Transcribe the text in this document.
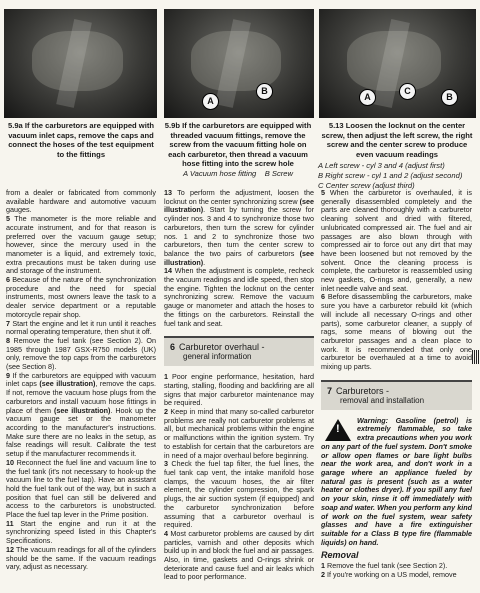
A
B
A
C
B
5.9a If the carburetors are equipped with vacuum inlet caps, remove the caps and connect the hoses of the test equipment to the fittings
5.9b If the carburetors are equipped with threaded vacuum fittings, remove the screw from the vacuum fitting hole on each carburetor, then thread a vacuum hose fitting into the screw hole
A Vacuum hose fitting B Screw
5.13 Loosen the locknut on the center screw, then adjust the left screw, the right screw and the center screw to produce even vacuum readings
A Left screw - cyl 3 and 4 (adjust first)
B Right screw - cyl 1 and 2 (adjust second)
C Center screw (adjust third)

from a dealer or fabricated from commonly available hardware and automotive vacuum gauges.

5 The manometer is the more reliable and accurate instrument, and for that reason is preferred over the vacuum gauge setup; however, since the mercury used in the manometer is a liquid, and extremely toxic, extra precautions must be taken during use and storage of the instrument.

6 Because of the nature of the synchronization procedure and the need for special instruments, most owners leave the task to a dealer service department or a reputable motorcycle repair shop.

7 Start the engine and let it run until it reaches normal operating temperature, then shut it off.

8 Remove the fuel tank (see Section 2). On 1985 through 1987 GSX-R750 models (UK) only, remove the top caps from the carburetors (see Section 8).

9 If the carburetors are equipped with vacuum inlet caps (see illustration), remove the caps. If not, remove the vacuum hose plugs from the carburetors and install vacuum hose fittings in place of them (see illustration). Hook up the vacuum gauge set or the manometer according to the manufacturer's instructions. Make sure there are no leaks in the setup, as false readings will result. Calibrate the test setup if the manufacturer recommends it.

10 Reconnect the fuel line and vacuum line to the fuel tank (it's not necessary to hook-up the vacuum line to the fuel tap). Have an assistant hold the fuel tank out of the way, but in such a position that fuel can still be delivered and access to the carburetors is unobstructed. Place the fuel tap lever in the Prime position.

11 Start the engine and run it at the synchronizing speed listed in this Chapter's Specifications.

12 The vacuum readings for all of the cylinders should be the same. If the vacuum readings vary, adjust as necessary.

13 To perform the adjustment, loosen the locknut on the center synchronizing screw (see illustration). Start by turning the screw for cylinder nos. 3 and 4 to synchronize those two carburetors, then turn the screw for cylinder nos. 1 and 2 to synchronize those two carburetors, then turn the center screw to balance the two pairs of carburetors (see illustration).

14 When the adjustment is complete, recheck the vacuum readings and idle speed, then stop the engine. Tighten the locknut on the center synchronizing screw. Remove the vacuum gauge or manometer and attach the hoses to the fittings on the carburetors. Reinstall the fuel tank and seat.

6 Carburetor overhaul -
general information

1 Poor engine performance, hesitation, hard starting, stalling, flooding and backfiring are all signs that major carburetor maintenance may be required.

2 Keep in mind that many so-called carburetor problems are really not carburetor problems at all, but mechanical problems within the engine or malfunctions within the ignition system. Try to establish for certain that the carburetors are in need of a major overhaul before beginning.

3 Check the fuel tap filter, the fuel lines, the fuel tank cap vent, the intake manifold hose clamps, the vacuum hoses, the air filter element, the cylinder compression, the spark plugs, the air suction system (if equipped) and the carburetor synchronization before assuming that a carburetor overhaul is required.

4 Most carburetor problems are caused by dirt particles, varnish and other deposits which build up in and block the fuel and air passages. Also, in time, gaskets and O-rings shrink or deteriorate and cause fuel and air leaks which lead to poor performance.

5 When the carburetor is overhauled, it is generally disassembled completely and the parts are cleaned thoroughly with a carburetor cleaning solvent and dried with filtered, unlubricated compressed air. The fuel and air passages are also blown through with compressed air to force out any dirt that may have been loosened but not removed by the solvent. Once the cleaning process is complete, the carburetor is reassembled using new gaskets, O-rings and, generally, a new inlet needle valve and seat.

6 Before disassembling the carburetors, make sure you have a carburetor rebuild kit (which will include all necessary O-rings and other parts), some carburetor cleaner, a supply of rags, some means of blowing out the carburetor passages and a clean place to work. It is recommended that only one carburetor be overhauled at a time to avoid mixing up parts.

7 Carburetors -
removal and installation
!
Warning: Gasoline (petrol) is extremely flammable, so take extra precautions when you work on any part of the fuel system. Don't smoke or allow open flames or bare light bulbs near the work area, and don't work in a garage where an appliance fueled by natural gas is present (such as a water heater or clothes dryer). If you spill any fuel on your skin, rinse it off immediately with soap and water. When you perform any kind of work on the fuel system, wear safety glasses and have a fire extinguisher suitable for a Class B type fire (flammable liquids) on hand.
Removal

1 Remove the fuel tank (see Section 2).

2 If you're working on a US model, remove
